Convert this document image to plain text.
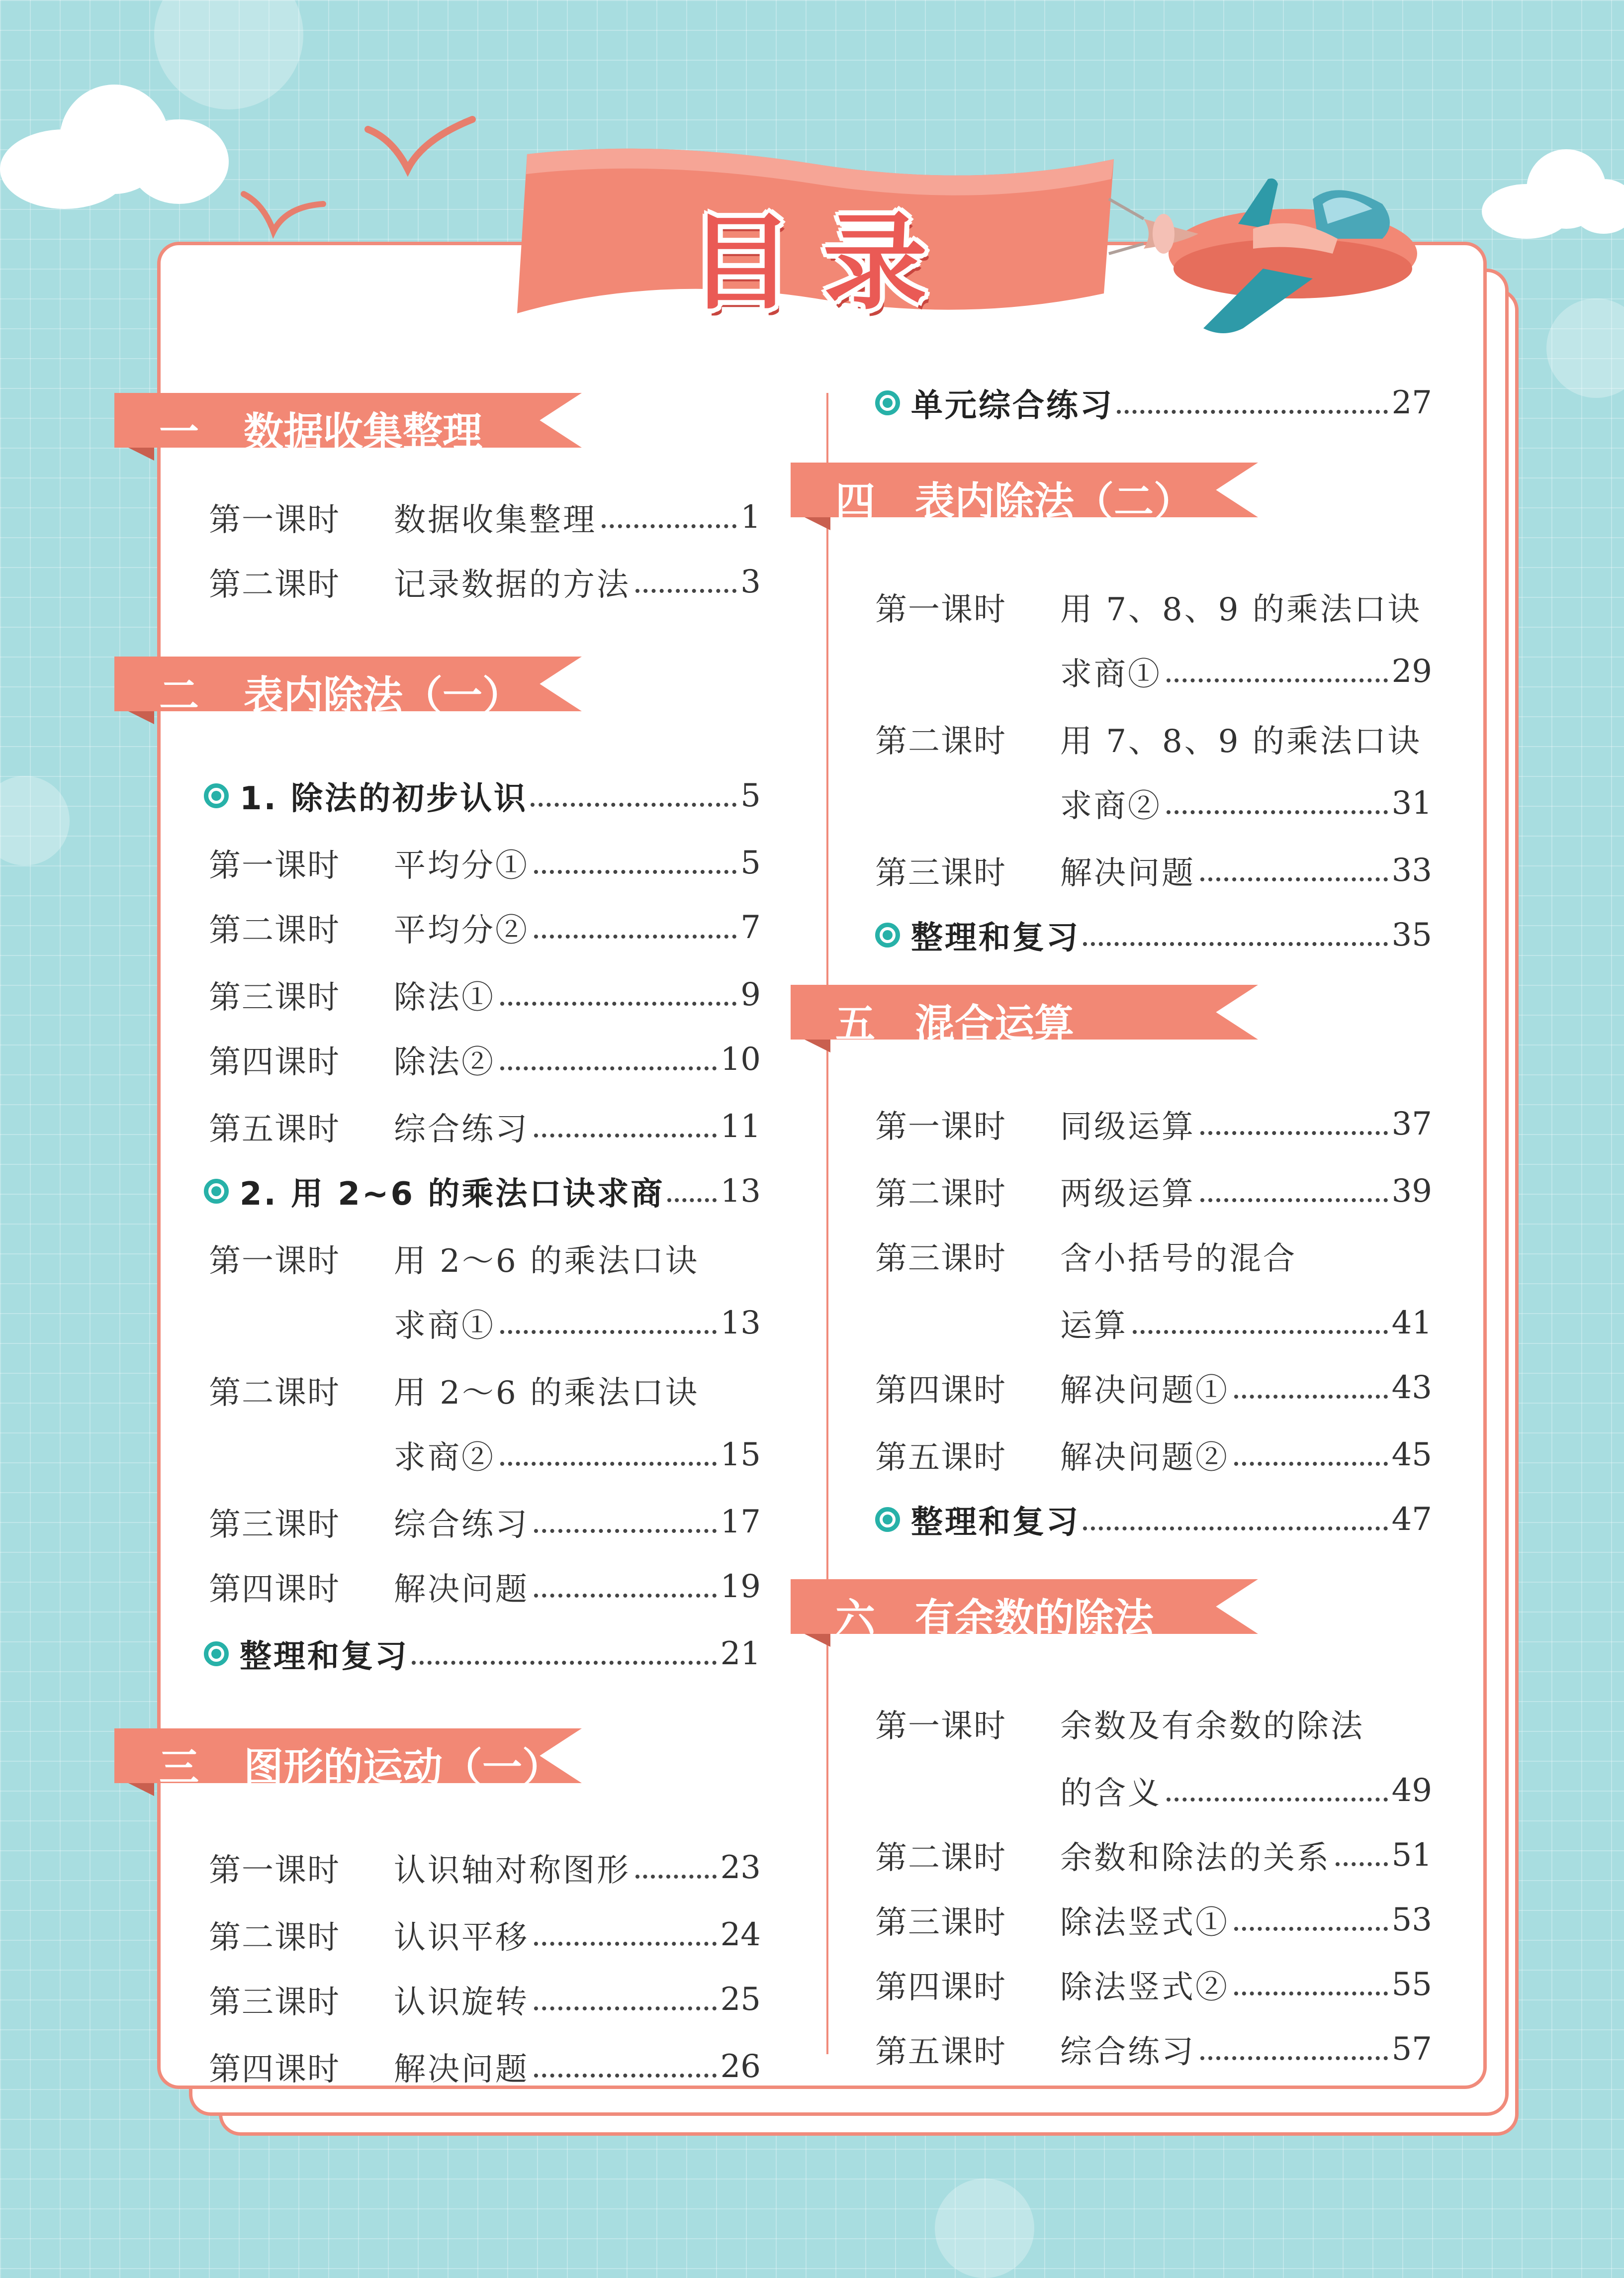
目录
一 数据收集整理
第一课时	数据收集整理	1
第二课时	记录数据的方法	3
二 表内除法（一）
1. 除法的初步认识	5
第一课时	平均分①	5
第二课时	平均分②	7
第三课时	除法①	9
第四课时	除法②	10
第五课时	综合练习	11
2. 用 2~6 的乘法口诀求商 13
第一课时	用 2～6 的乘法口诀
求商①	13
第二课时	用 2～6 的乘法口诀
求商②	15
第三课时	综合练习	17
第四课时	解决问题	19
整理和复习	21
三 图形的运动（一）
第一课时	认识轴对称图形	23
第二课时	认识平移	24
第三课时	认识旋转	25
第四课时	解决问题	26
单元综合练习	27
四 表内除法（二）
第一课时	用 7、8、9 的乘法口诀
求商①	29
第二课时	用 7、8、9 的乘法口诀
求商②	31
第三课时	解决问题	33
整理和复习	35
五 混合运算
第一课时	同级运算	37
第二课时	两级运算	39
第三课时	含小括号的混合
运算	41
第四课时	解决问题①	43
第五课时	解决问题②	45
整理和复习	47
六 有余数的除法
第一课时	余数及有余数的除法
的含义	49
第二课时	余数和除法的关系 51
第三课时	除法竖式①	53
第四课时	除法竖式②	55
第五课时	综合练习	57
